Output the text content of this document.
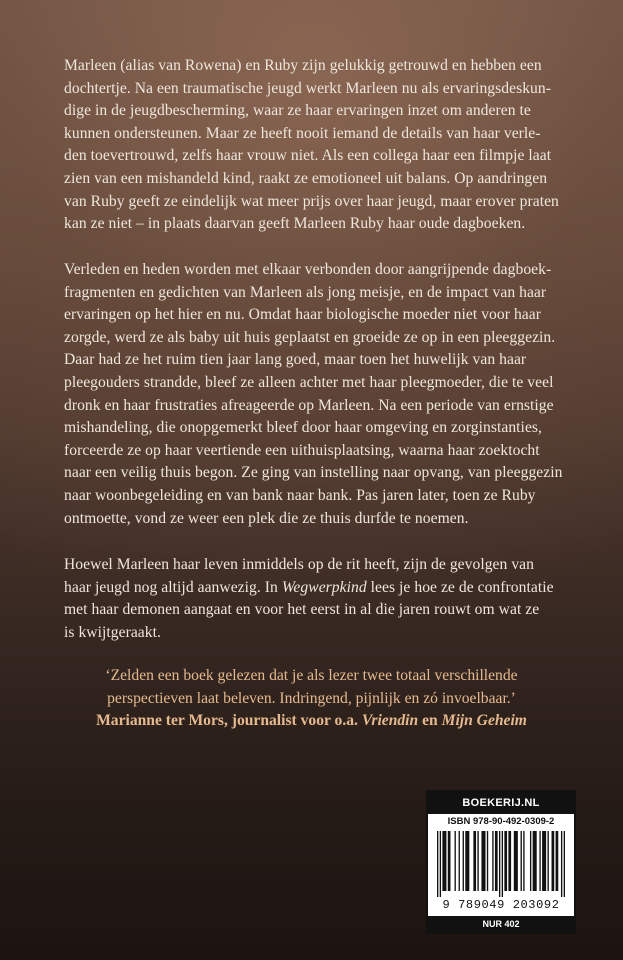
Marleen (alias van Rowena) en Ruby zijn gelukkig getrouwd en hebben een
dochtertje. Na een traumatische jeugd werkt Marleen nu als ervaringsdeskun-
dige in de jeugdbescherming, waar ze haar ervaringen inzet om anderen te
kunnen ondersteunen. Maar ze heeft nooit iemand de details van haar verle-
den toevertrouwd, zelfs haar vrouw niet. Als een collega haar een filmpje laat
zien van een mishandeld kind, raakt ze emotioneel uit balans. Op aandringen
van Ruby geeft ze eindelijk wat meer prijs over haar jeugd, maar erover praten
kan ze niet – in plaats daarvan geeft Marleen Ruby haar oude dagboeken.
Verleden en heden worden met elkaar verbonden door aangrijpende dagboek-
fragmenten en gedichten van Marleen als jong meisje, en de impact van haar
ervaringen op het hier en nu. Omdat haar biologische moeder niet voor haar
zorgde, werd ze als baby uit huis geplaatst en groeide ze op in een pleeggezin.
Daar had ze het ruim tien jaar lang goed, maar toen het huwelijk van haar
pleegouders strandde, bleef ze alleen achter met haar pleegmoeder, die te veel
dronk en haar frustraties afreageerde op Marleen. Na een periode van ernstige
mishandeling, die onopgemerkt bleef door haar omgeving en zorginstanties,
forceerde ze op haar veertiende een uithuisplaatsing, waarna haar zoektocht
naar een veilig thuis begon. Ze ging van instelling naar opvang, van pleeggezin
naar woonbegeleiding en van bank naar bank. Pas jaren later, toen ze Ruby
ontmoette, vond ze weer een plek die ze thuis durfde te noemen.
Hoewel Marleen haar leven inmiddels op de rit heeft, zijn de gevolgen van
haar jeugd nog altijd aanwezig. In Wegwerpkind lees je hoe ze de confrontatie
met haar demonen aangaat en voor het eerst in al die jaren rouwt om wat ze
is kwijtgeraakt.
‘Zelden een boek gelezen dat je als lezer twee totaal verschillende
perspectieven laat beleven. Indringend, pijnlijk en zó invoelbaar.’
Marianne ter Mors, journalist voor o.a. Vriendin en Mijn Geheim
BOEKERIJ.NL
ISBN 978-90-492-0309-2
9 789049 203092
NUR 402
